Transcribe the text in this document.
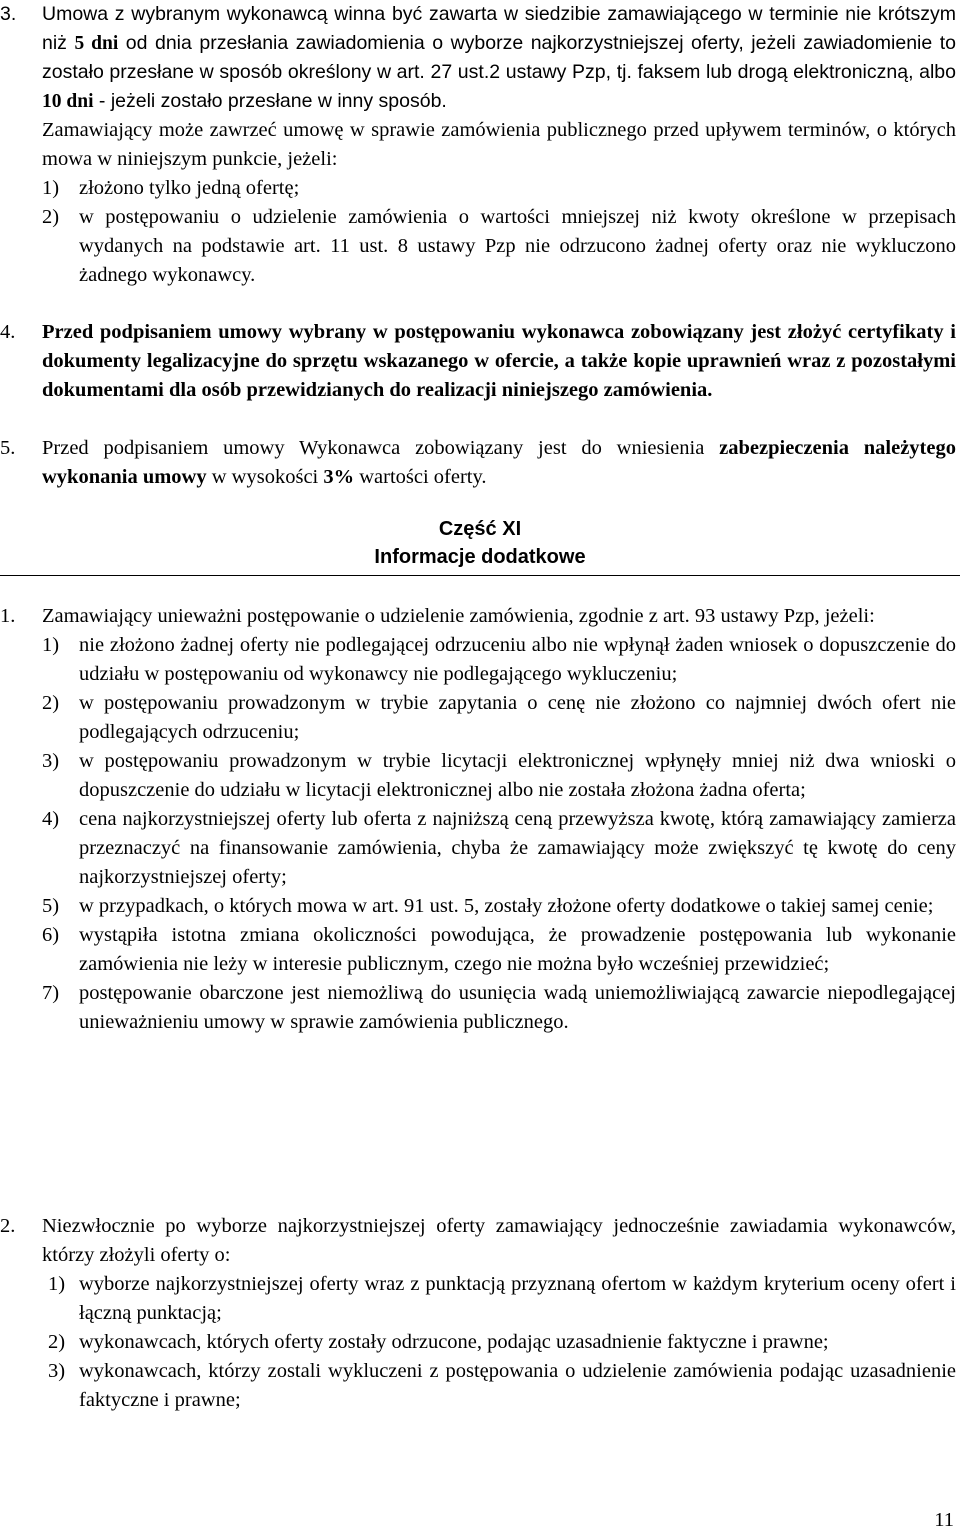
3. Umowa z wybranym wykonawcą winna być zawarta w siedzibie zamawiającego w terminie nie krótszym niż 5 dni od dnia przesłania zawiadomienia o wyborze najkorzystniejszej oferty, jeżeli zawiadomienie to zostało przesłane w sposób określony w art. 27 ust.2 ustawy Pzp, tj. faksem lub drogą elektroniczną, albo 10 dni - jeżeli zostało przesłane w inny sposób.
Zamawiający może zawrzeć umowę w sprawie zamówienia publicznego przed upływem terminów, o których mowa w niniejszym punkcie, jeżeli:
1) złożono tylko jedną ofertę;
2) w postępowaniu o udzielenie zamówienia o wartości mniejszej niż kwoty określone w przepisach wydanych na podstawie art. 11 ust. 8 ustawy Pzp nie odrzucono żadnej oferty oraz nie wykluczono żadnego wykonawcy.
4. Przed podpisaniem umowy wybrany w postępowaniu wykonawca zobowiązany jest złożyć certyfikaty i dokumenty legalizacyjne do sprzętu wskazanego w ofercie, a także kopie uprawnień wraz z pozostałymi dokumentami dla osób przewidzianych do realizacji niniejszego zamówienia.
5. Przed podpisaniem umowy Wykonawca zobowiązany jest do wniesienia zabezpieczenia należytego wykonania umowy w wysokości 3% wartości oferty.
Część XI
Informacje dodatkowe
1. Zamawiający unieważni postępowanie o udzielenie zamówienia, zgodnie z art. 93 ustawy Pzp, jeżeli:
1) nie złożono żadnej oferty nie podlegającej odrzuceniu albo nie wpłynął żaden wniosek o dopuszczenie do udziału w postępowaniu od wykonawcy nie podlegającego wykluczeniu;
2) w postępowaniu prowadzonym w trybie zapytania o cenę nie złożono co najmniej dwóch ofert nie podlegających odrzuceniu;
3) w postępowaniu prowadzonym w trybie licytacji elektronicznej wpłynęły mniej niż dwa wnioski o dopuszczenie do udziału w licytacji elektronicznej albo nie została złożona żadna oferta;
4) cena najkorzystniejszej oferty lub oferta z najniższą ceną przewyższa kwotę, którą zamawiający zamierza przeznaczyć na finansowanie zamówienia, chyba że zamawiający może zwiększyć tę kwotę do ceny najkorzystniejszej oferty;
5) w przypadkach, o których mowa w art. 91 ust. 5, zostały złożone oferty dodatkowe o takiej samej cenie;
6) wystąpiła istotna zmiana okoliczności powodująca, że prowadzenie postępowania lub wykonanie zamówienia nie leży w interesie publicznym, czego nie można było wcześniej przewidzieć;
7) postępowanie obarczone jest niemożliwą do usunięcia wadą uniemożliwiającą zawarcie niepodlegającej unieważnieniu umowy w sprawie zamówienia publicznego.
2. Niezwłocznie po wyborze najkorzystniejszej oferty zamawiający jednocześnie zawiadamia wykonawców, którzy złożyli oferty o:
1) wyborze najkorzystniejszej oferty wraz z punktacją przyznaną ofertom w każdym kryterium oceny ofert i łączną punktacją;
2) wykonawcach, których oferty zostały odrzucone, podając uzasadnienie faktyczne i prawne;
3) wykonawcach, którzy zostali wykluczeni z postępowania o udzielenie zamówienia podając uzasadnienie faktyczne i prawne;
11
